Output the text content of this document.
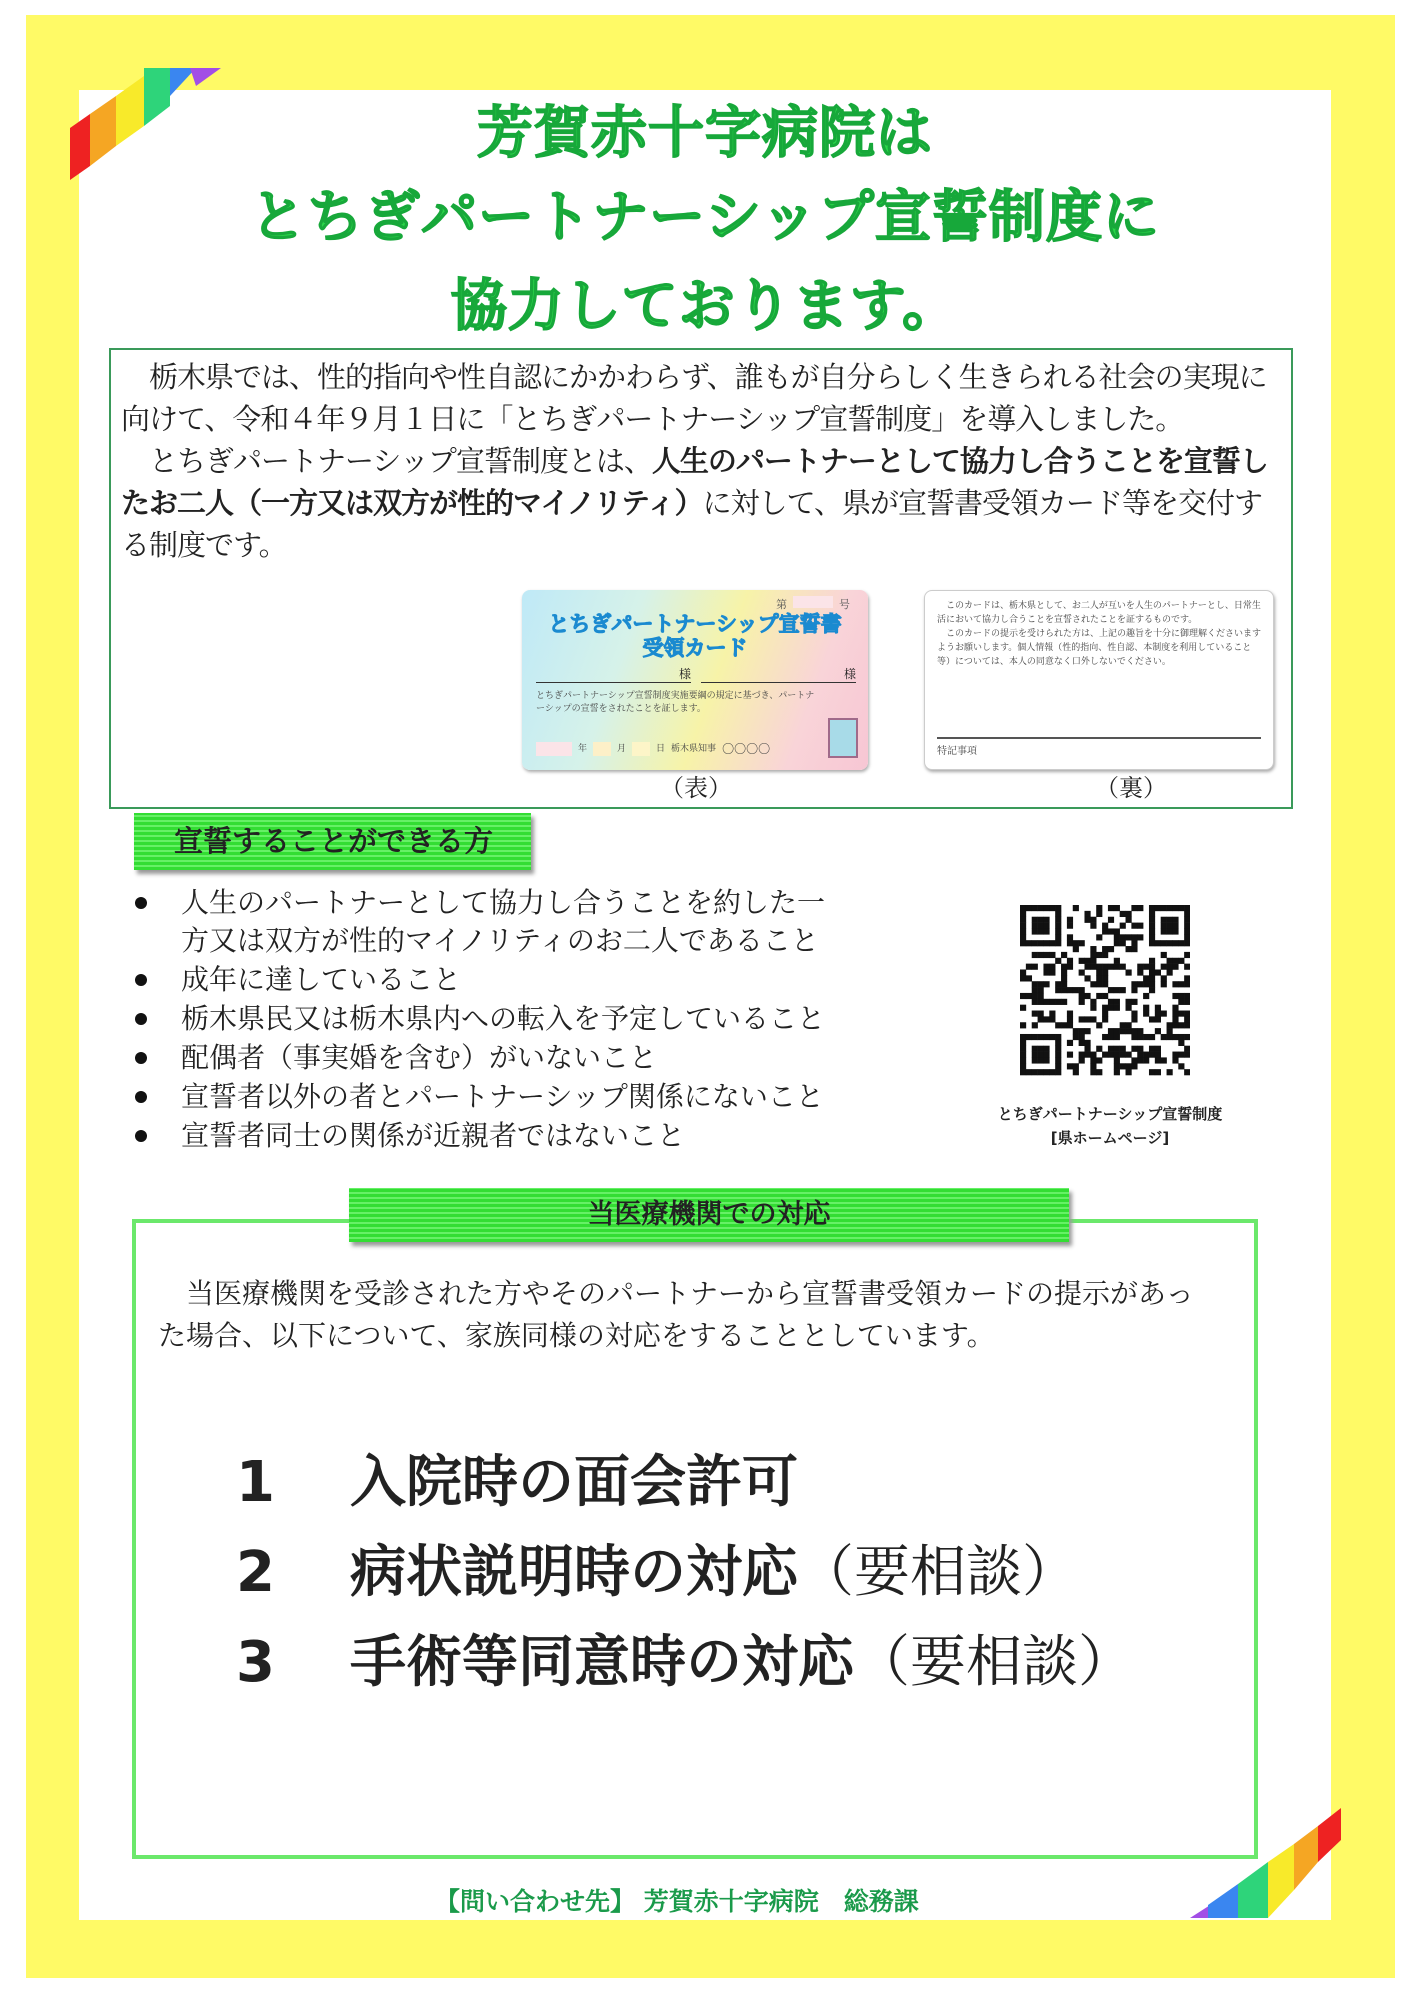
芳賀赤十字病院は
とちぎパートナーシップ宣誓制度に
協力しております。
栃木県では、性的指向や性自認にかかわらず、誰もが自分らしく生きられる社会の実現に向けて、令和４年９月１日に「とちぎパートナーシップ宣誓制度」を導入しました。
とちぎパートナーシップ宣誓制度とは、人生のパートナーとして協力し合うことを宣誓したお二人（一方又は双方が性的マイノリティ）に対して、県が宣誓書受領カード等を交付する制度です。
第	号
とちぎパートナーシップ宣誓書
受領カード
様	様
とちぎパートナーシップ宣誓制度実施要綱の規定に基づき、パートナーシップの宣誓をされたことを証します。
年	月	日 栃木県知事 〇〇〇〇
（表）
このカードは、栃木県として、お二人が互いを人生のパートナーとし、日常生活において協力し合うことを宣誓されたことを証するものです。
このカードの提示を受けられた方は、上記の趣旨を十分に御理解くださいますようお願いします。個人情報（性的指向、性自認、本制度を利用していること等）については、本人の同意なく口外しないでください。
特記事項
（裏）
宣誓することができる方
人生のパートナーとして協力し合うことを約した一方又は双方が性的マイノリティのお二人であること
成年に達していること
栃木県民又は栃木県内への転入を予定していること
配偶者（事実婚を含む）がいないこと
宣誓者以外の者とパートナーシップ関係にないこと
宣誓者同士の関係が近親者ではないこと
とちぎパートナーシップ宣誓制度
[県ホームページ]
当医療機関を受診された方やそのパートナーから宣誓書受領カードの提示があった場合、以下について、家族同様の対応をすることとしています。
1	入院時の面会許可
2	病状説明時の対応 （要相談）
3	手術等同意時の対応 （要相談）
当医療機関での対応
【問い合わせ先】 芳賀赤十字病院　総務課
